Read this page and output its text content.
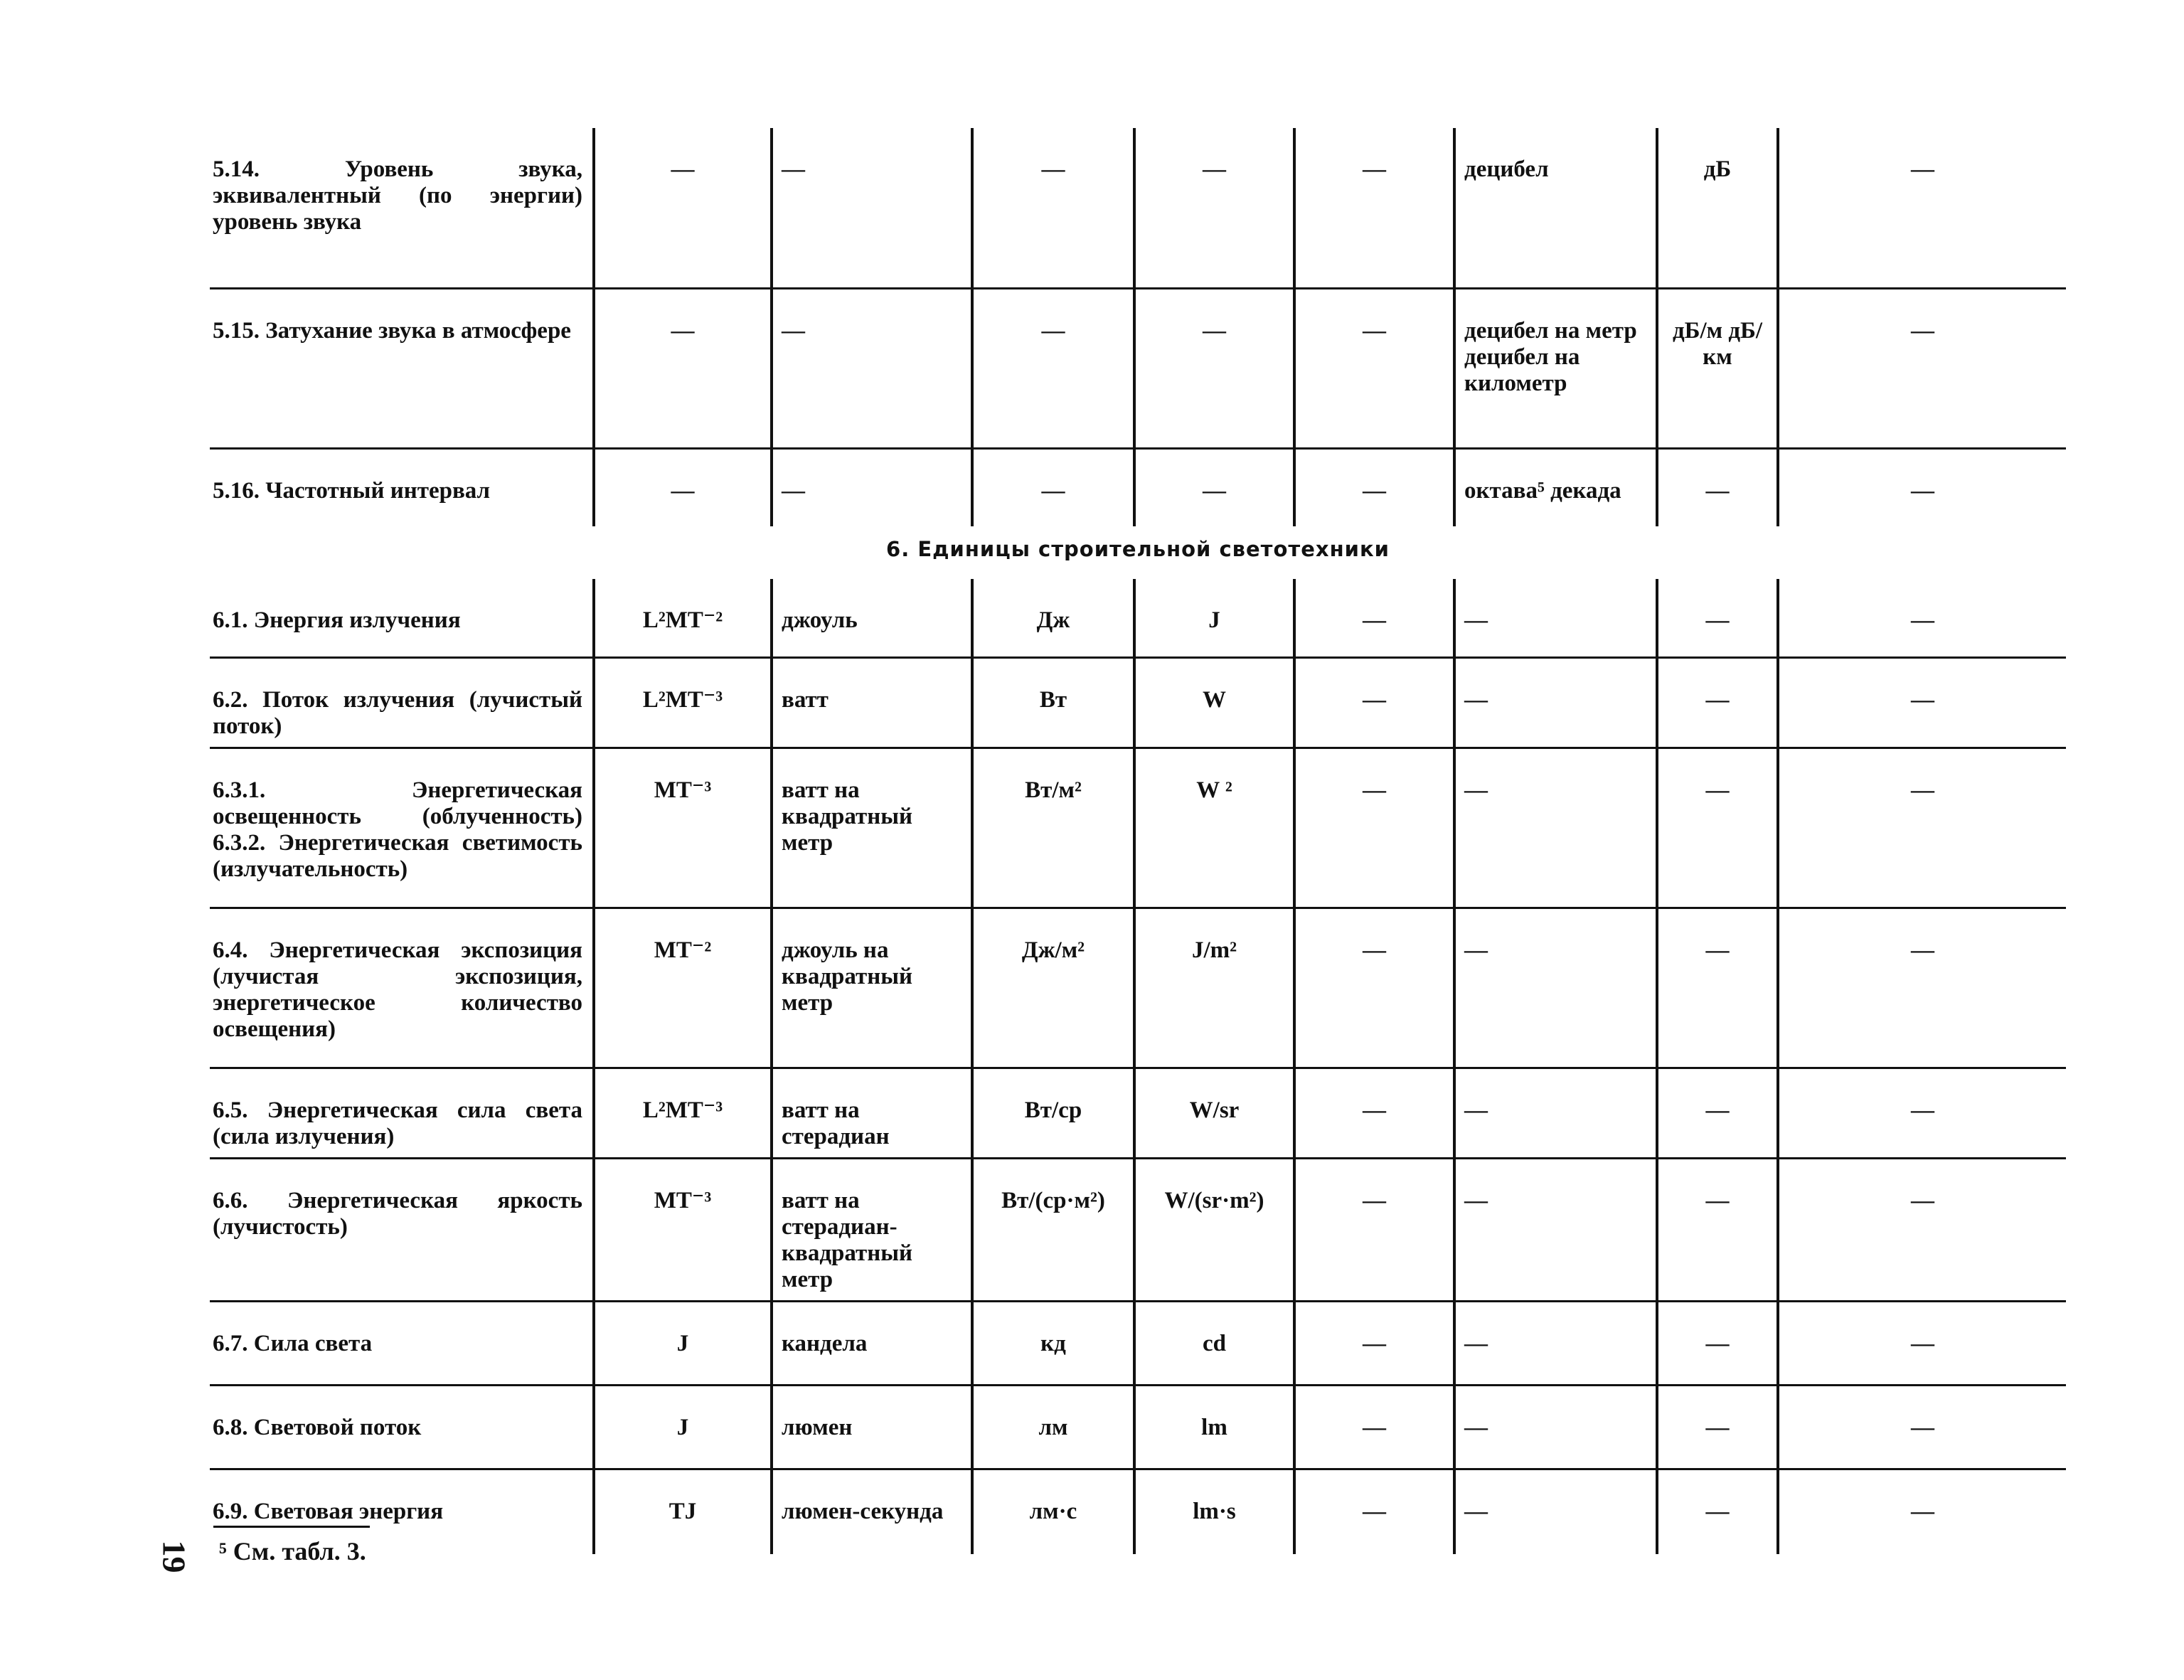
5.14. Уровень звука, эквивалентный (по энергии) уровень звука	—	—	—	—	—	децибел	дБ	—
5.15. Затухание звука в атмосфере	—	—	—	—	—	децибел на метр децибел на километр	дБ/м дБ/км	—
5.16. Частотный интервал	—	—	—	—	—	октава⁵ декада	—	—
6. Единицы строительной светотехники								
6.1. Энергия излучения	L²MT⁻²	джоуль	Дж	J	—	—	—	—
6.2. Поток излучения (лучистый поток)	L²MT⁻³	ватт	Вт	W	—	—	—	—
6.3.1. Энергетическая освещенность (облученность) 6.3.2. Энергетическая светимость (излучательность)	MT⁻³	ватт на квадратный метр	Вт/м²	W ²	—	—	—	—
6.4. Энергетическая экспозиция (лучистая экспозиция, энергетическое количество освещения)	MT⁻²	джоуль на квадратный метр	Дж/м²	J/m²	—	—	—	—
6.5. Энергетическая сила света (сила излучения)	L²MT⁻³	ватт на стерадиан	Вт/ср	W/sr	—	—	—	—
6.6. Энергетическая яркость (лучистость)	MT⁻³	ватт на стерадиан-квадратный метр	Вт/(ср·м²)	W/(sr·m²)	—	—	—	—
6.7. Сила света	J	кандела	кд	cd	—	—	—	—
6.8. Световой поток	J	люмен	лм	lm	—	—	—	—
6.9. Световая энергия	TJ	люмен-секунда	лм·с	lm·s	—	—	—	—
⁵ См. табл. 3.
19
